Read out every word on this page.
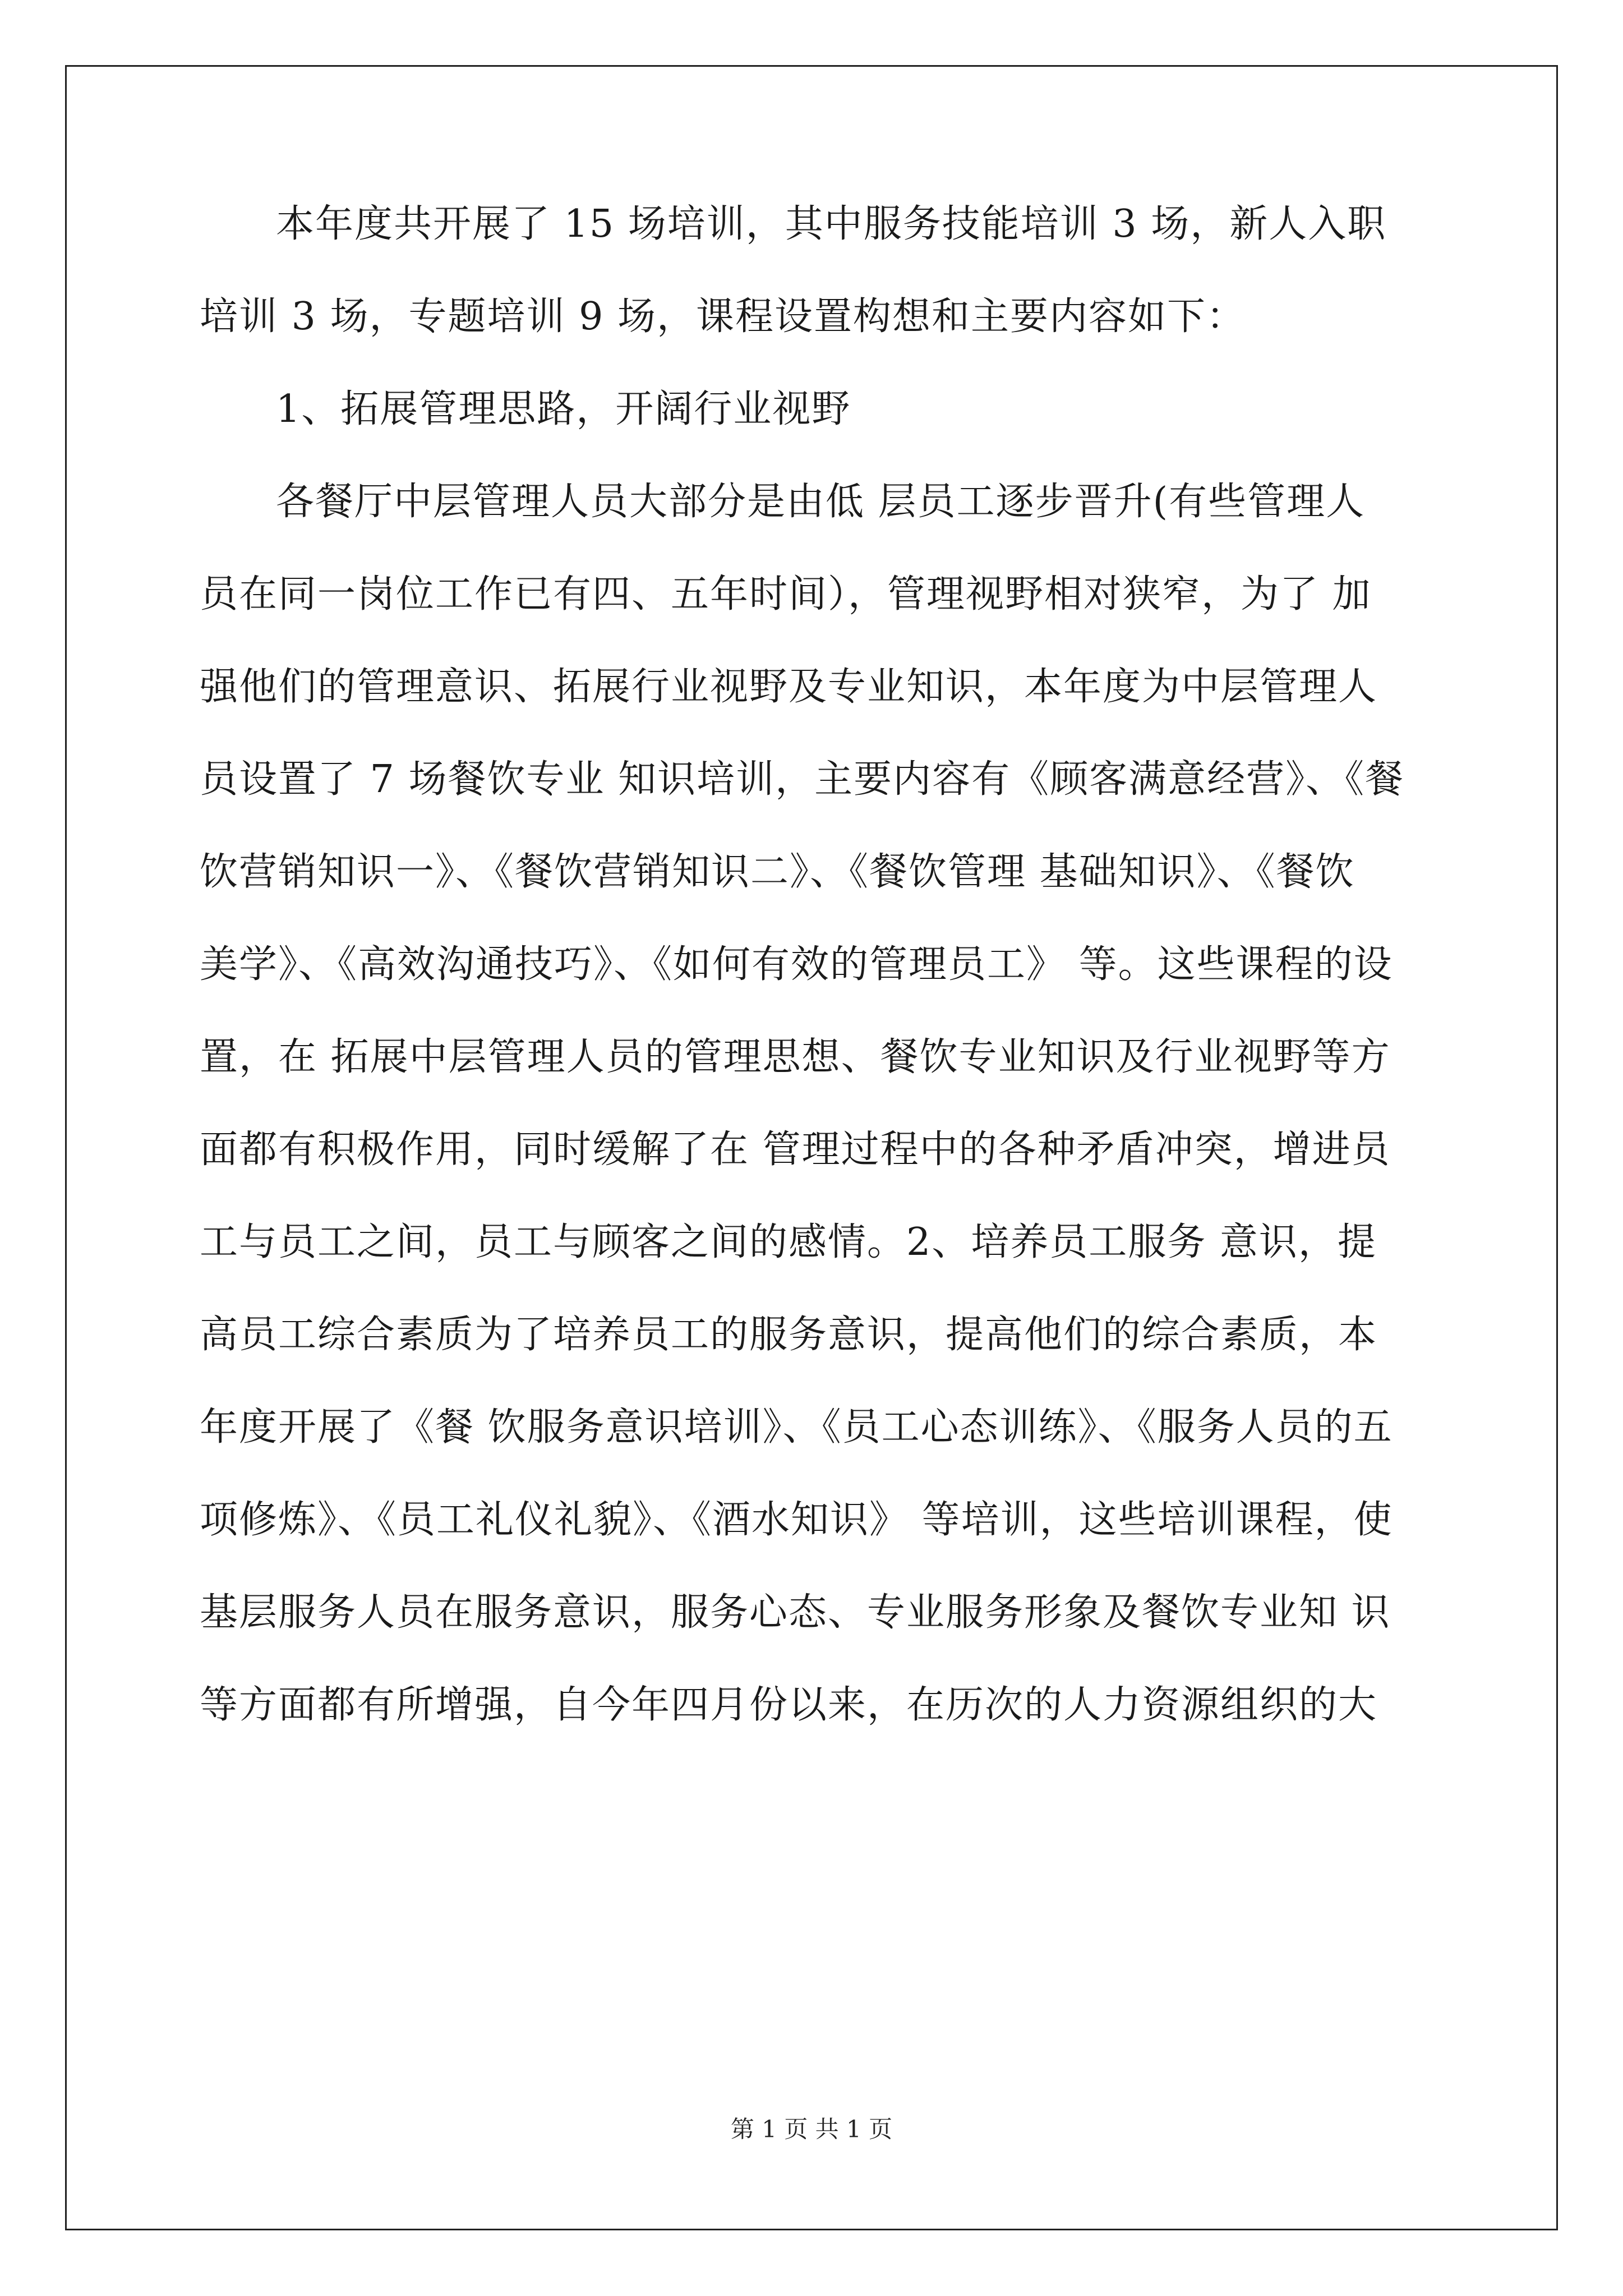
本年度共开展了 15 场培训，其中服务技能培训 3 场，新人入职
培训 3 场，专题培训 9 场，课程设置构想和主要内容如下：
1、拓展管理思路，开阔行业视野
各餐厅中层管理人员大部分是由低 层员工逐步晋升(有些管理人
员在同一岗位工作已有四、五年时间），管理视野相对狭窄，为了 加
强他们的管理意识、拓展行业视野及专业知识，本年度为中层管理人
员设置了 7 场餐饮专业 知识培训，主要内容有《顾客满意经营》、《餐
饮营销知识一》、《餐饮营销知识二》、《餐饮管理 基础知识》、《餐饮
美学》、《高效沟通技巧》、《如何有效的管理员工》 等。这些课程的设
置，在 拓展中层管理人员的管理思想、餐饮专业知识及行业视野等方
面都有积极作用，同时缓解了在 管理过程中的各种矛盾冲突，增进员
工与员工之间，员工与顾客之间的感情。2、培养员工服务 意识，提
高员工综合素质为了培养员工的服务意识，提高他们的综合素质，本
年度开展了《餐 饮服务意识培训》、《员工心态训练》、《服务人员的五
项修炼》、《员工礼仪礼貌》、《酒水知识》 等培训，这些培训课程，使
基层服务人员在服务意识，服务心态、专业服务形象及餐饮专业知 识
等方面都有所增强，自今年四月份以来，在历次的人力资源组织的大
第 1 页 共 1 页
